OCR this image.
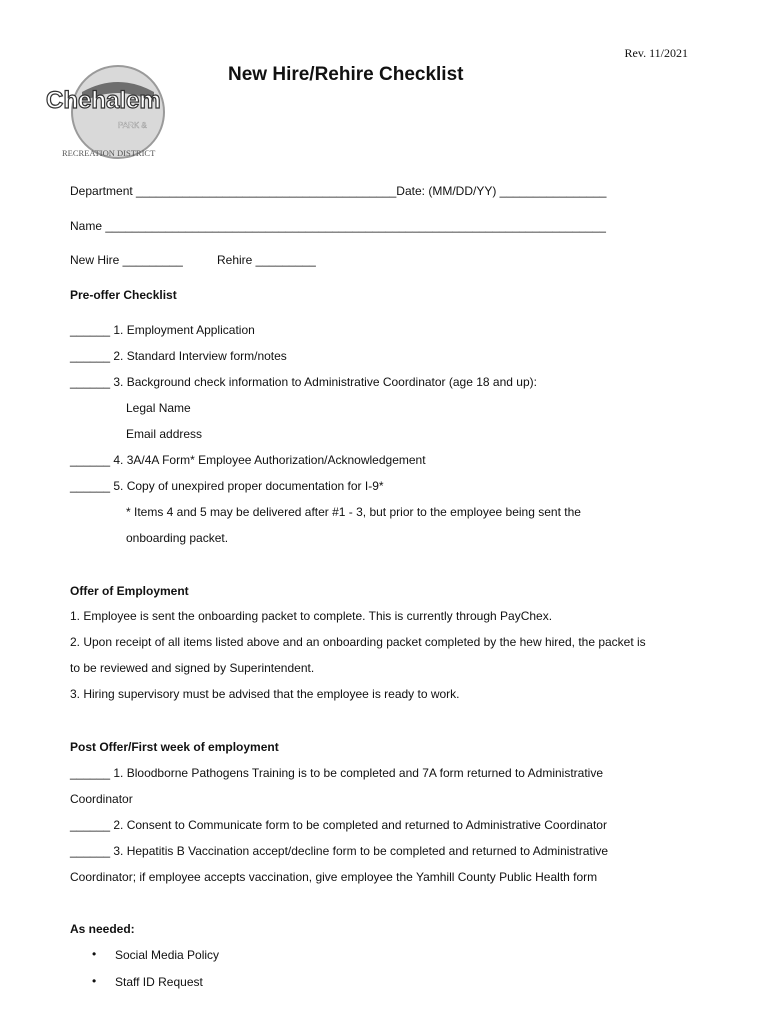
Rev. 11/2021
Chehalem
PARK &
RECREATION DISTRICT
New Hire/Rehire Checklist
Department _______________________________________Date: (MM/DD/YY) ________________
Name ___________________________________________________________________________
New Hire _________	Rehire _________
Pre-offer Checklist
______ 1. Employment Application
______ 2. Standard Interview form/notes
______ 3. Background check information to Administrative Coordinator (age 18 and up):
Legal Name
Email address
______ 4. 3A/4A Form* Employee Authorization/Acknowledgement
______ 5. Copy of unexpired proper documentation for I-9*
* Items 4 and 5 may be delivered after #1 - 3, but prior to the employee being sent the
onboarding packet.
Offer of Employment
1. Employee is sent the onboarding packet to complete. This is currently through PayChex.
2. Upon receipt of all items listed above and an onboarding packet completed by the hew hired, the packet is
to be reviewed and signed by Superintendent.
3. Hiring supervisory must be advised that the employee is ready to work.
Post Offer/First week of employment
______ 1. Bloodborne Pathogens Training is to be completed and 7A form returned to Administrative
Coordinator
______ 2. Consent to Communicate form to be completed and returned to Administrative Coordinator
______ 3. Hepatitis B Vaccination accept/decline form to be completed and returned to Administrative
Coordinator; if employee accepts vaccination, give employee the Yamhill County Public Health form
As needed:
• Social Media Policy
• Staff ID Request
